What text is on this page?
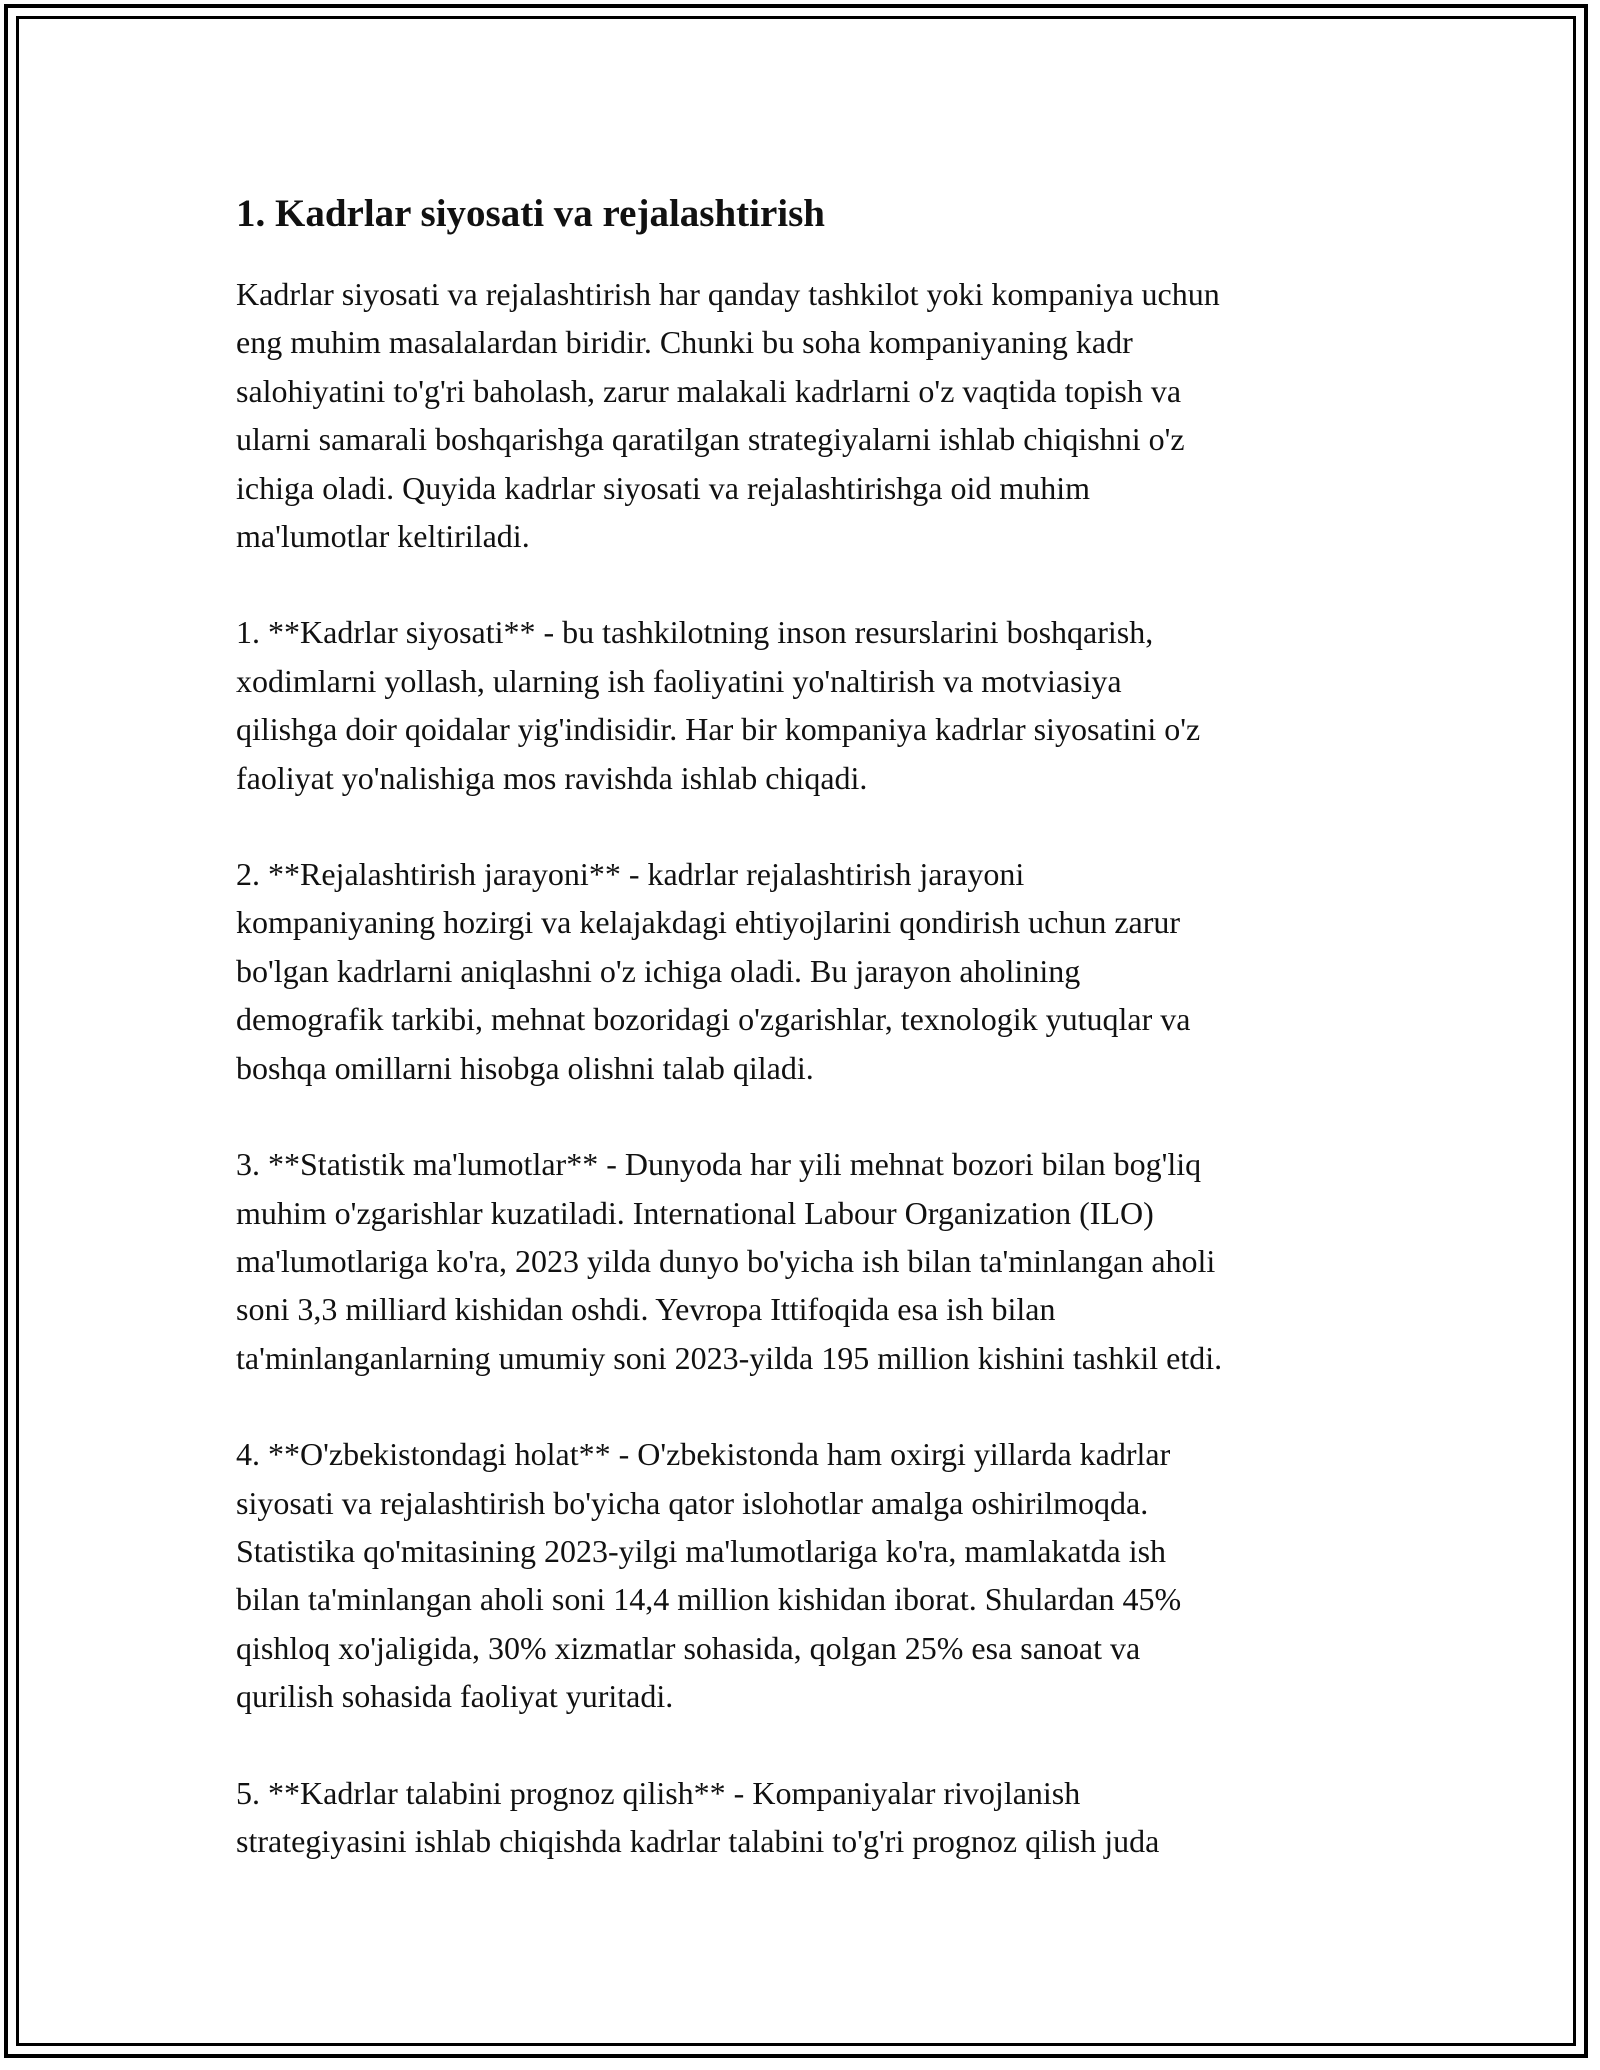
1. Kadrlar siyosati va rejalashtirish

Kadrlar siyosati va rejalashtirish har qanday tashkilot yoki kompaniya uchun
eng muhim masalalardan biridir. Chunki bu soha kompaniyaning kadr
salohiyatini to'g'ri baholash, zarur malakali kadrlarni o'z vaqtida topish va
ularni samarali boshqarishga qaratilgan strategiyalarni ishlab chiqishni o'z
ichiga oladi. Quyida kadrlar siyosati va rejalashtirishga oid muhim
ma'lumotlar keltiriladi.

1. **Kadrlar siyosati** - bu tashkilotning inson resurslarini boshqarish,
xodimlarni yollash, ularning ish faoliyatini yo'naltirish va motviasiya
qilishga doir qoidalar yig'indisidir. Har bir kompaniya kadrlar siyosatini o'z
faoliyat yo'nalishiga mos ravishda ishlab chiqadi.

2. **Rejalashtirish jarayoni** - kadrlar rejalashtirish jarayoni
kompaniyaning hozirgi va kelajakdagi ehtiyojlarini qondirish uchun zarur
bo'lgan kadrlarni aniqlashni o'z ichiga oladi. Bu jarayon aholining
demografik tarkibi, mehnat bozoridagi o'zgarishlar, texnologik yutuqlar va
boshqa omillarni hisobga olishni talab qiladi.

3. **Statistik ma'lumotlar** - Dunyoda har yili mehnat bozori bilan bog'liq
muhim o'zgarishlar kuzatiladi. International Labour Organization (ILO)
ma'lumotlariga ko'ra, 2023 yilda dunyo bo'yicha ish bilan ta'minlangan aholi
soni 3,3 milliard kishidan oshdi. Yevropa Ittifoqida esa ish bilan
ta'minlanganlarning umumiy soni 2023-yilda 195 million kishini tashkil etdi.

4. **O'zbekistondagi holat** - O'zbekistonda ham oxirgi yillarda kadrlar
siyosati va rejalashtirish bo'yicha qator islohotlar amalga oshirilmoqda.
Statistika qo'mitasining 2023-yilgi ma'lumotlariga ko'ra, mamlakatda ish
bilan ta'minlangan aholi soni 14,4 million kishidan iborat. Shulardan 45%
qishloq xo'jaligida, 30% xizmatlar sohasida, qolgan 25% esa sanoat va
qurilish sohasida faoliyat yuritadi.

5. **Kadrlar talabini prognoz qilish** - Kompaniyalar rivojlanish
strategiyasini ishlab chiqishda kadrlar talabini to'g'ri prognoz qilish juda
